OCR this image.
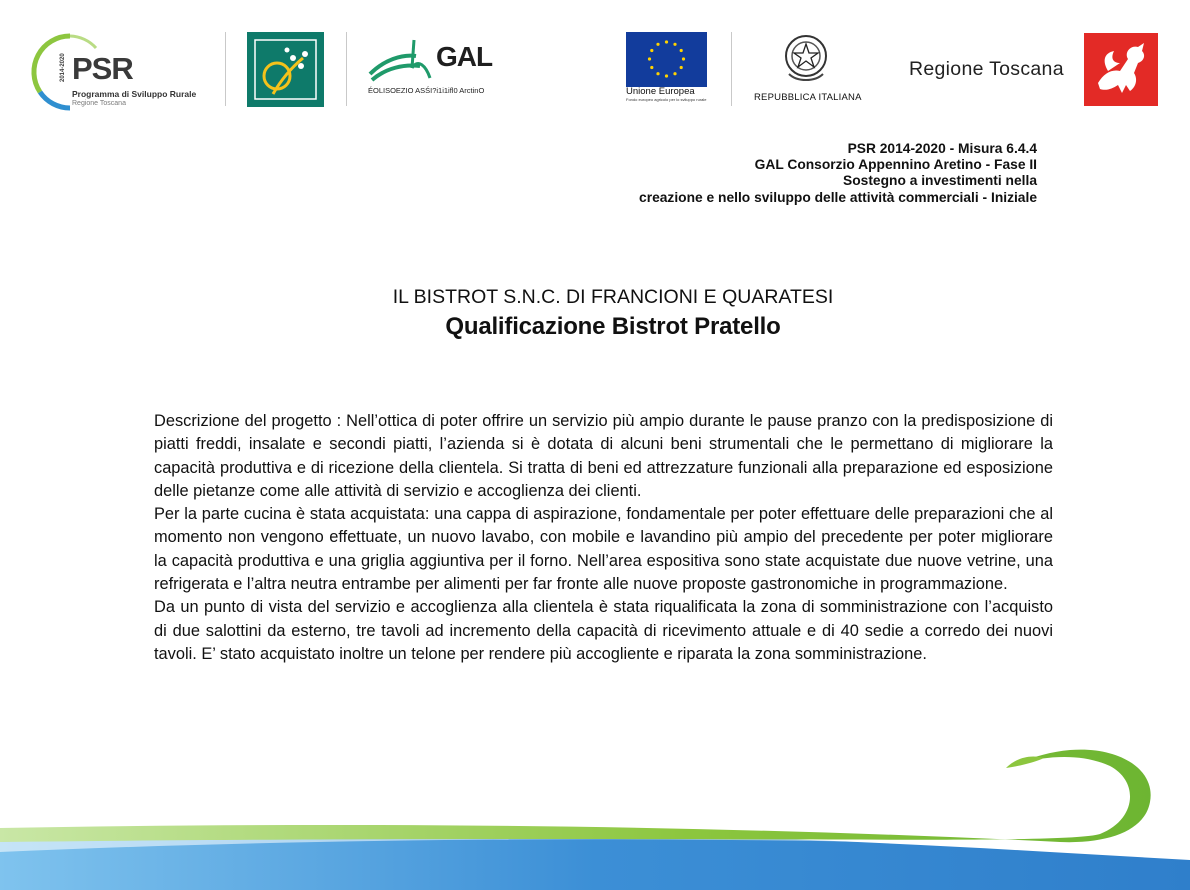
2014-2020 PSR
Programma di Sviluppo Rurale
Regione Toscana
GAL
ÉOLISOEZIO ASŚI?i1i1ifl0 ArctinO	Unione Europea
Fondo europeo agricolo per lo sviluppo rurale	REPUBBLICA ITALIANA
Regione Toscana
PSR 2014-2020 - Misura 6.4.4
GAL Consorzio Appennino Aretino - Fase II
Sostegno a investimenti nella
creazione e nello sviluppo delle attività commerciali - Iniziale
IL BISTROT S.N.C. DI FRANCIONI E QUARATESI
Qualificazione Bistrot Pratello

Descrizione del progetto : Nell’ottica di poter offrire un servizio più ampio durante le pause pranzo con la predisposizione di piatti freddi, insalate e secondi piatti, l’azienda si è dotata di alcuni beni strumentali che le permettano di migliorare la capacità produttiva e di ricezione della clientela. Si tratta di beni ed attrezzature funzionali alla preparazione ed esposizione delle pietanze come alle attività di servizio e accoglienza dei clienti.

Per la parte cucina è stata acquistata: una cappa di aspirazione, fondamentale per poter effettuare delle preparazioni che al momento non vengono effettuate, un nuovo lavabo, con mobile e lavandino più ampio del precedente per poter migliorare la capacità produttiva e una griglia aggiuntiva per il forno. Nell’area espositiva sono state acquistate due nuove vetrine, una refrigerata e l’altra neutra entrambe per alimenti per far fronte alle nuove proposte gastronomiche in programmazione.

Da un punto di vista del servizio e accoglienza alla clientela è stata riqualificata la zona di somministrazione con l’acquisto di due salottini da esterno, tre tavoli ad incremento della capacità di ricevimento attuale e di 40 sedie a corredo dei nuovi tavoli. E’ stato acquistato inoltre un telone per rendere più accogliente e riparata la zona somministrazione.
